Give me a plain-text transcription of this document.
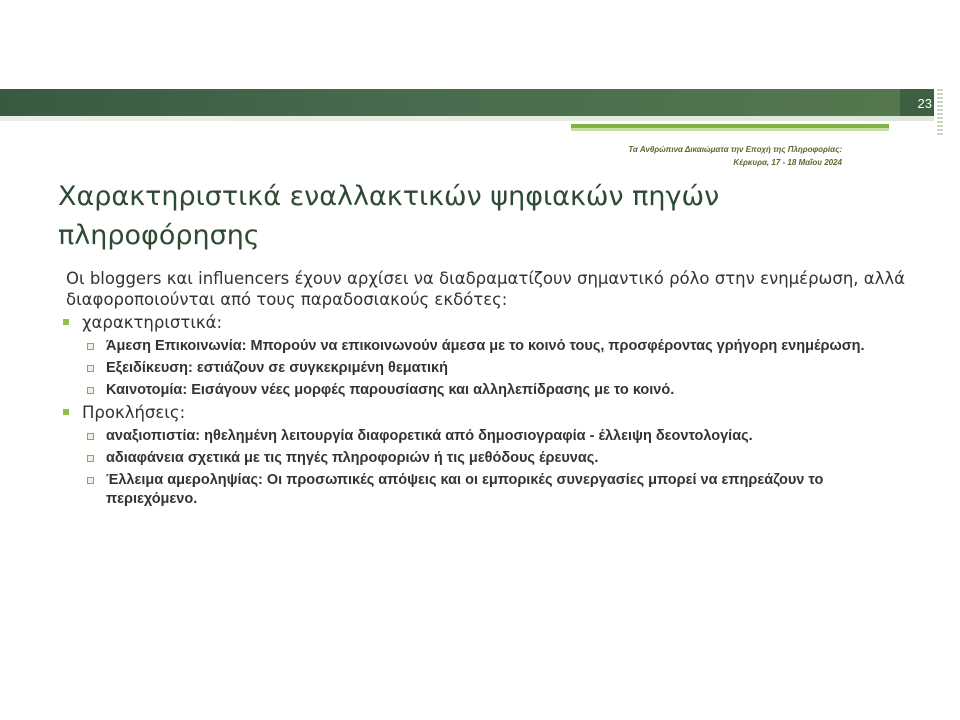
23
Τα Ανθρώπινα Δικαιώματα την Εποχή της Πληροφορίας:
Κέρκυρα, 17 - 18 Μαΐου 2024
Χαρακτηριστικά εναλλακτικών ψηφιακών πηγών πληροφόρησης

Οι bloggers και influencers έχουν αρχίσει να διαδραματίζουν σημαντικό ρόλο στην ενημέρωση, αλλά διαφοροποιούνται από τους παραδοσιακούς εκδότες:

χαρακτηριστικά:
Άμεση Επικοινωνία: Μπορούν να επικοινωνούν άμεσα με το κοινό τους, προσφέροντας γρήγορη ενημέρωση.
Εξειδίκευση: εστιάζουν σε συγκεκριμένη θεματική
Καινοτομία: Εισάγουν νέες μορφές παρουσίασης και αλληλεπίδρασης με το κοινό.
Προκλήσεις:
αναξιοπιστία: ηθελημένη λειτουργία διαφορετικά από δημοσιογραφία - έλλειψη δεοντολογίας.
αδιαφάνεια σχετικά με τις πηγές πληροφοριών ή τις μεθόδους έρευνας.
Έλλειμα αμεροληψίας: Οι προσωπικές απόψεις και οι εμπορικές συνεργασίες μπορεί να επηρεάζουν το περιεχόμενο.
